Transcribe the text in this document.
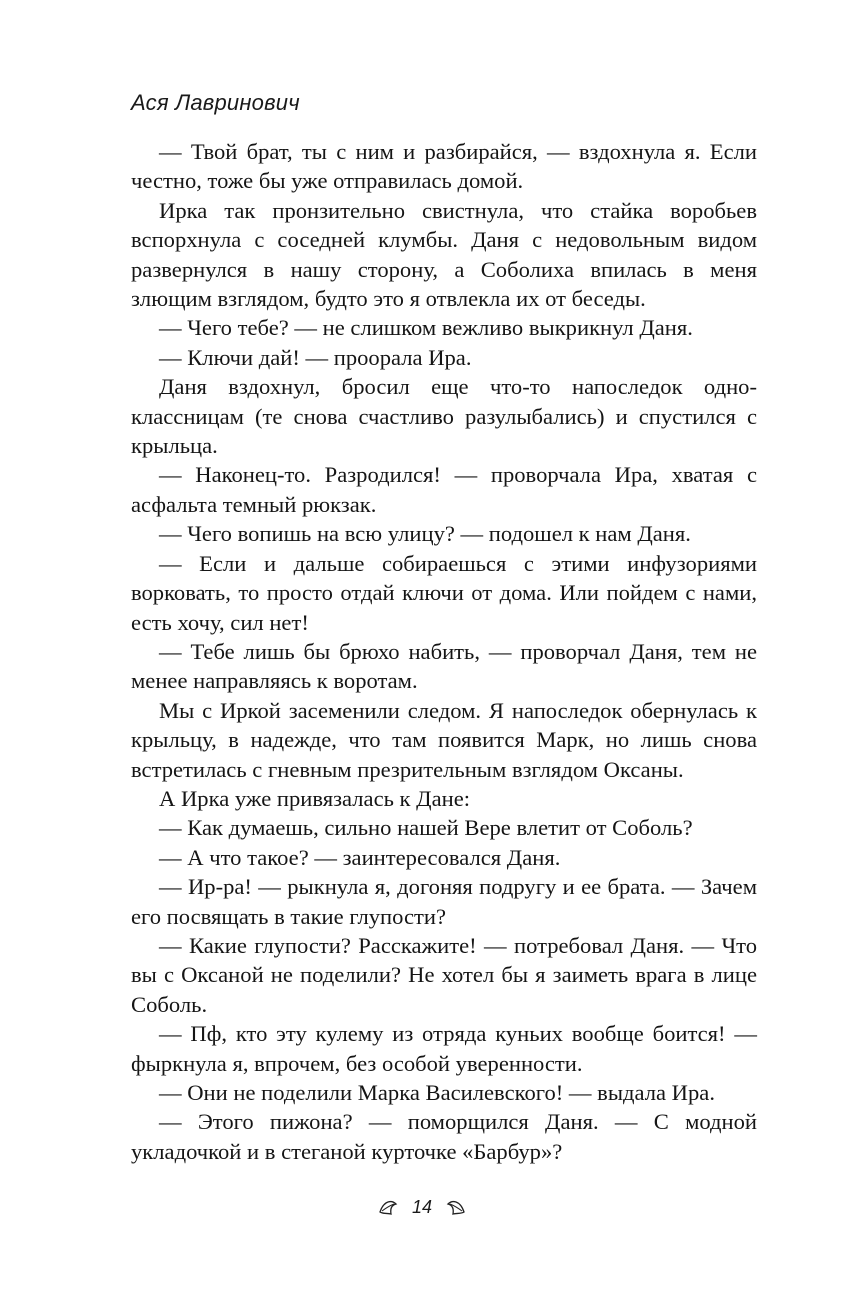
Ася Лавринович

— Твой брат, ты с ним и разбирайся, — вздохнула я. Если честно, тоже бы уже отправилась домой.

Ирка так пронзительно свистнула, что стайка воробьев вспорхнула с соседней клумбы. Даня с недовольным видом развернулся в нашу сторону, а Соболиха впилась в меня злющим взглядом, будто это я отвлекла их от беседы.

— Чего тебе? — не слишком вежливо выкрикнул Даня.

— Ключи дай! — проорала Ира.

Даня вздохнул, бросил еще что-то напоследок одноклассницам (те снова счастливо разулыбались) и спустился с крыльца.

— Наконец-то. Разродился! — проворчала Ира, хватая с асфальта темный рюкзак.

— Чего вопишь на всю улицу? — подошел к нам Даня.

— Если и дальше собираешься с этими инфузориями ворковать, то просто отдай ключи от дома. Или пойдем с нами, есть хочу, сил нет!

— Тебе лишь бы брюхо набить, — проворчал Даня, тем не менее направляясь к воротам.

Мы с Иркой засеменили следом. Я напоследок обернулась к крыльцу, в надежде, что там появится Марк, но лишь снова встретилась с гневным презрительным взглядом Оксаны.

А Ирка уже привязалась к Дане:

— Как думаешь, сильно нашей Вере влетит от Соболь?

— А что такое? — заинтересовался Даня.

— Ир-ра! — рыкнула я, догоняя подругу и ее брата. — Зачем его посвящать в такие глупости?

— Какие глупости? Расскажите! — потребовал Даня. — Что вы с Оксаной не поделили? Не хотел бы я заиметь врага в лице Соболь.

— Пф, кто эту кулему из отряда куньих вообще боится! — фыркнула я, впрочем, без особой уверенности.

— Они не поделили Марка Василевского! — выдала Ира.

— Этого пижона? — поморщился Даня. — С модной укладочкой и в стеганой курточке «Барбур»?

14
